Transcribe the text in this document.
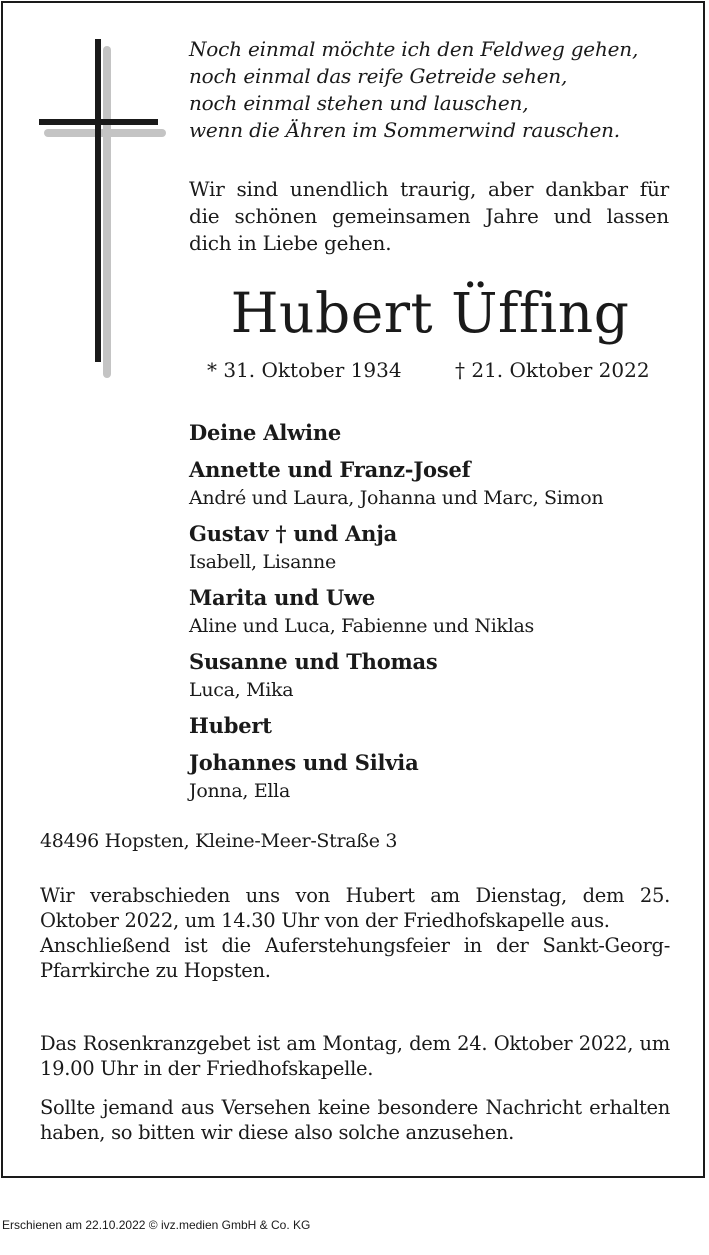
Noch einmal möchte ich den Feldweg gehen,
noch einmal das reife Getreide sehen,
noch einmal stehen und lauschen,
wenn die Ähren im Sommerwind rauschen.
Wir sind unendlich traurig, aber dankbar für die schönen gemeinsamen Jahre und lassen dich in Liebe gehen.
Hubert Üffing
* 31. Oktober 1934	† 21. Oktober 2022
Deine Alwine
Annette und Franz-Josef
André und Laura, Johanna und Marc, Simon
Gustav † und Anja
Isabell, Lisanne
Marita und Uwe
Aline und Luca, Fabienne und Niklas
Susanne und Thomas
Luca, Mika
Hubert
Johannes und Silvia
Jonna, Ella
48496 Hopsten, Kleine-Meer-Straße 3

Wir verabschieden uns von Hubert am Dienstag, dem 25. Oktober 2022, um 14.30 Uhr von der Friedhofskapelle aus.

Anschließend ist die Auferstehungsfeier in der Sankt-Georg-Pfarrkirche zu Hopsten.

Das Rosenkranzgebet ist am Montag, dem 24. Oktober 2022, um 19.00 Uhr in der Friedhofskapelle.

Sollte jemand aus Versehen keine besondere Nachricht erhalten haben, so bitten wir diese also solche anzusehen.

Erschienen am 22.10.2022 © ivz.medien GmbH & Co. KG
